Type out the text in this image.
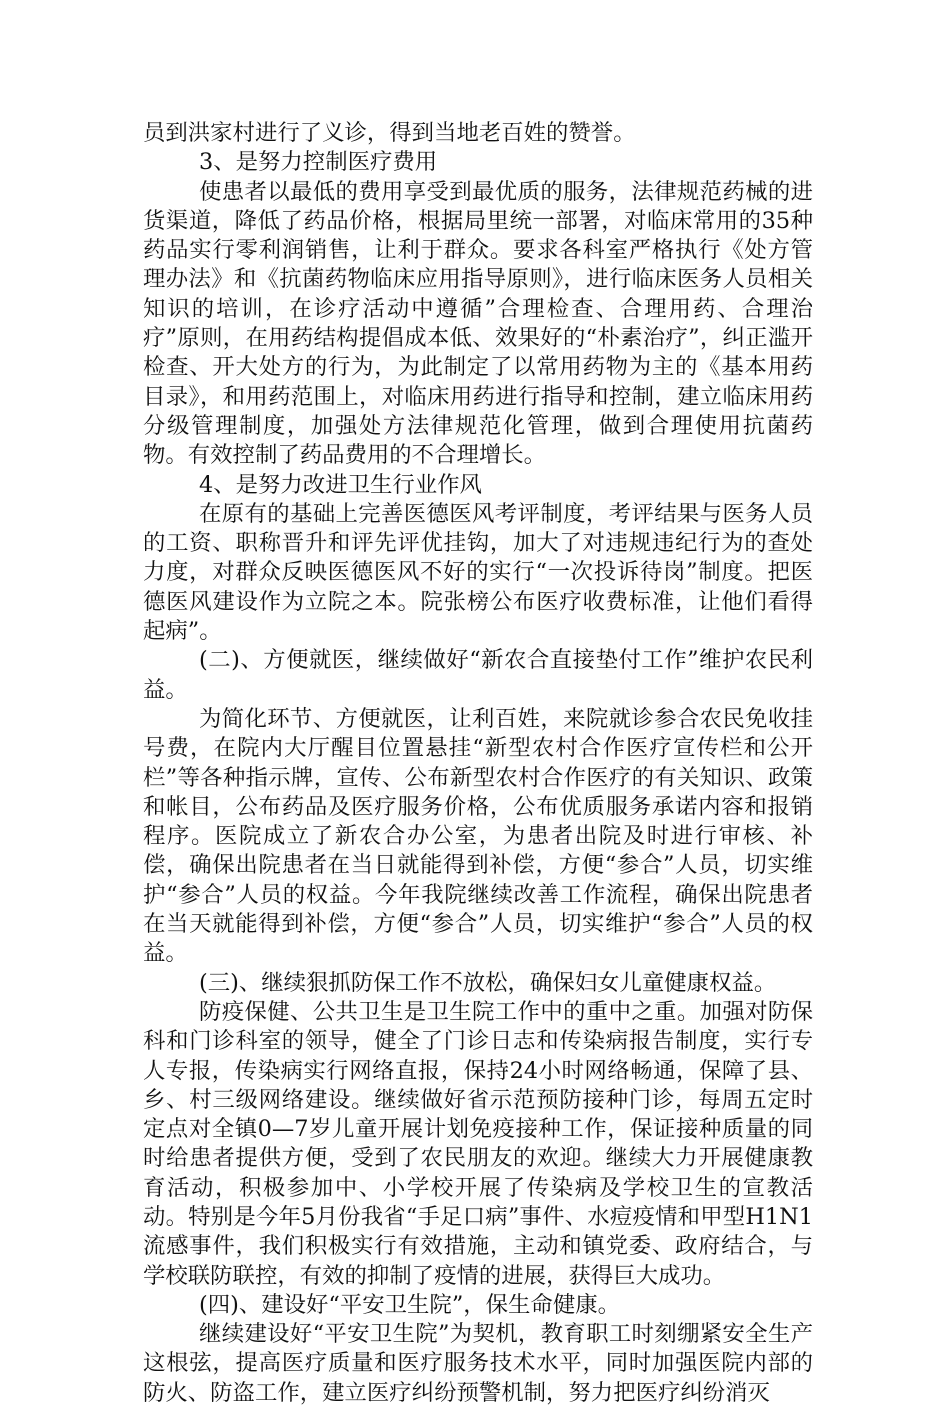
员到洪家村进行了义诊，得到当地老百姓的赞誉。

3、是努力控制医疗费用

使患者以最低的费用享受到最优质的服务，法律规范药械的进货渠道，降低了药品价格，根据局里统一部署，对临床常用的35种药品实行零利润销售，让利于群众。要求各科室严格执行《处方管理办法》和《抗菌药物临床应用指导原则》，进行临床医务人员相关知识的培训，在诊疗活动中遵循”合理检查、合理用药、合理治疗”原则，在用药结构提倡成本低、效果好的“朴素治疗”，纠正滥开检查、开大处方的行为，为此制定了以常用药物为主的《基本用药目录》，和用药范围上，对临床用药进行指导和控制，建立临床用药分级管理制度，加强处方法律规范化管理，做到合理使用抗菌药物。有效控制了药品费用的不合理增长。

4、是努力改进卫生行业作风

在原有的基础上完善医德医风考评制度，考评结果与医务人员的工资、职称晋升和评先评优挂钩，加大了对违规违纪行为的查处力度，对群众反映医德医风不好的实行“一次投诉待岗”制度。把医德医风建设作为立院之本。院张榜公布医疗收费标准，让他们看得起病”。

(二)、方便就医，继续做好“新农合直接垫付工作”维护农民利益。

为简化环节、方便就医，让利百姓，来院就诊参合农民免收挂号费，在院内大厅醒目位置悬挂“新型农村合作医疗宣传栏和公开栏”等各种指示牌，宣传、公布新型农村合作医疗的有关知识、政策和帐目，公布药品及医疗服务价格，公布优质服务承诺内容和报销程序。医院成立了新农合办公室，为患者出院及时进行审核、补偿，确保出院患者在当日就能得到补偿，方便“参合”人员，切实维护“参合”人员的权益。今年我院继续改善工作流程，确保出院患者在当天就能得到补偿，方便“参合”人员，切实维护“参合”人员的权益。

(三)、继续狠抓防保工作不放松，确保妇女儿童健康权益。

防疫保健、公共卫生是卫生院工作中的重中之重。加强对防保科和门诊科室的领导，健全了门诊日志和传染病报告制度，实行专人专报，传染病实行网络直报，保持24小时网络畅通，保障了县、乡、村三级网络建设。继续做好省示范预防接种门诊，每周五定时定点对全镇0—7岁儿童开展计划免疫接种工作，保证接种质量的同时给患者提供方便，受到了农民朋友的欢迎。继续大力开展健康教育活动，积极参加中、小学校开展了传染病及学校卫生的宣教活动。特别是今年5月份我省“手足口病”事件、水痘疫情和甲型H1N1流感事件，我们积极实行有效措施，主动和镇党委、政府结合，与学校联防联控，有效的抑制了疫情的进展，获得巨大成功。

(四)、建设好“平安卫生院”，保生命健康。

继续建设好“平安卫生院”为契机，教育职工时刻绷紧安全生产这根弦，提高医疗质量和医疗服务技术水平，同时加强医院内部的防火、防盗工作，建立医疗纠纷预警机制，努力把医疗纠纷消灭
